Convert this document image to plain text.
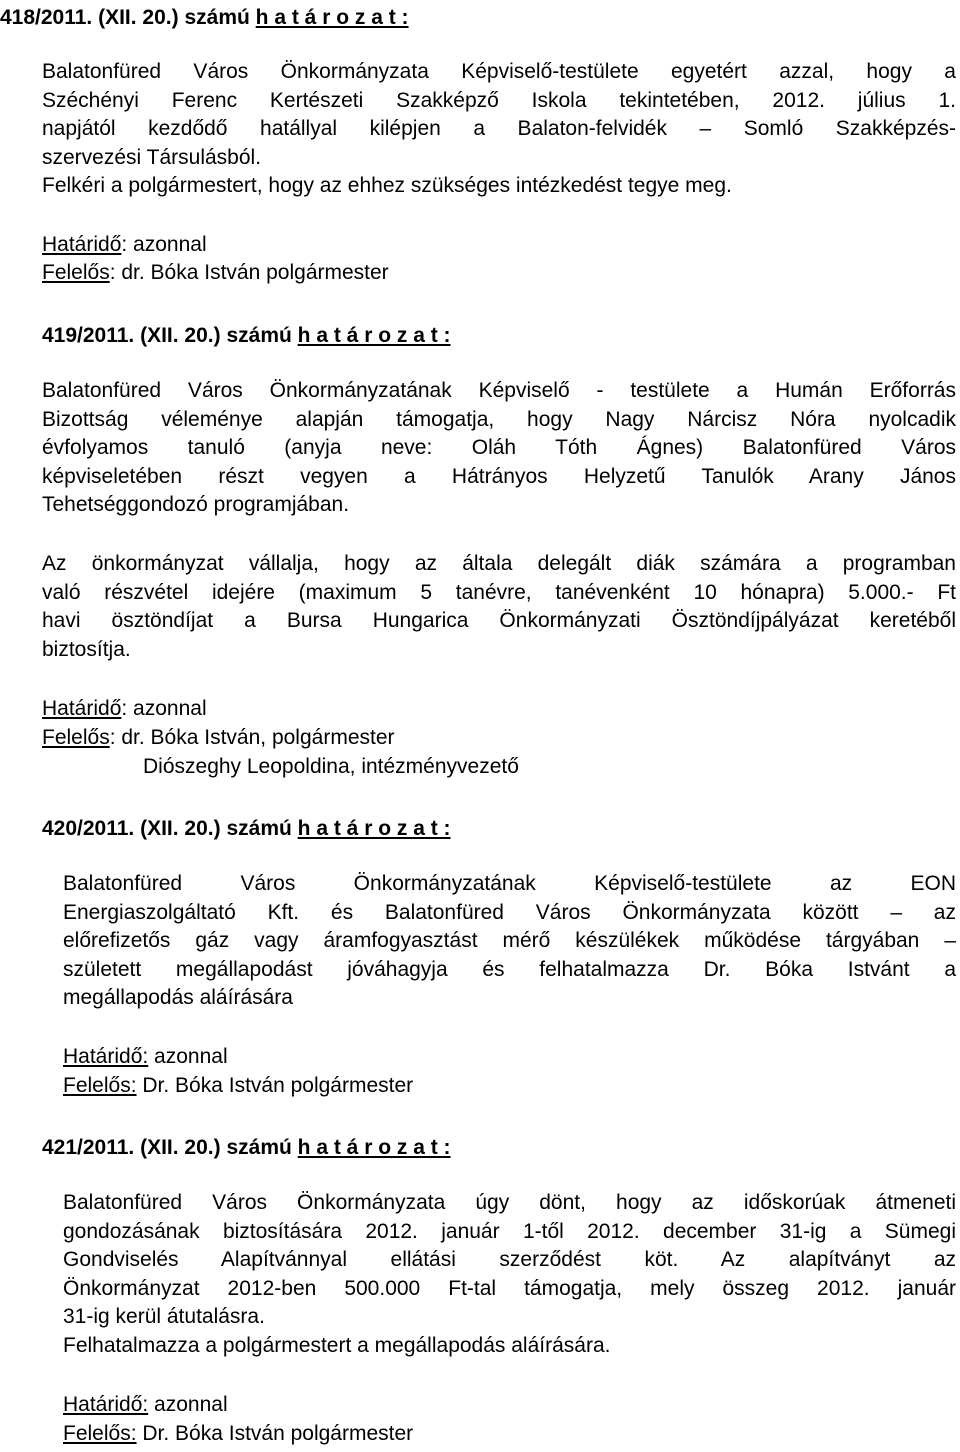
418/2011. (XII. 20.) számú h a t á r o z a t :
Balatonfüred Város Önkormányzata Képviselő-testülete egyetért azzal, hogy a
Széchényi Ferenc Kertészeti Szakképző Iskola tekintetében, 2012. július 1.
napjától kezdődő hatállyal kilépjen a Balaton-felvidék – Somló Szakképzés-
szervezési Társulásból.
Felkéri a polgármestert, hogy az ehhez szükséges intézkedést tegye meg.
Határidő: azonnal
Felelős: dr. Bóka István polgármester
419/2011. (XII. 20.) számú h a t á r o z a t :
Balatonfüred Város Önkormányzatának Képviselő - testülete a Humán Erőforrás
Bizottság véleménye alapján támogatja, hogy Nagy Nárcisz Nóra nyolcadik
évfolyamos tanuló (anyja neve: Oláh Tóth Ágnes) Balatonfüred Város
képviseletében részt vegyen a Hátrányos Helyzetű Tanulók Arany János
Tehetséggondozó programjában.
Az önkormányzat vállalja, hogy az általa delegált diák számára a programban
való részvétel idejére (maximum 5 tanévre, tanévenként 10 hónapra) 5.000.- Ft
havi ösztöndíjat a Bursa Hungarica Önkormányzati Ösztöndíjpályázat keretéből
biztosítja.
Határidő: azonnal
Felelős: dr. Bóka István, polgármester
Diószeghy Leopoldina, intézményvezető
420/2011. (XII. 20.) számú h a t á r o z a t :
Balatonfüred Város Önkormányzatának Képviselő-testülete az EON
Energiaszolgáltató Kft. és Balatonfüred Város Önkormányzata között – az
előrefizetős gáz vagy áramfogyasztást mérő készülékek működése tárgyában –
született megállapodást jóváhagyja és felhatalmazza Dr. Bóka Istvánt a
megállapodás aláírására
Határidő: azonnal
Felelős: Dr. Bóka István polgármester
421/2011. (XII. 20.) számú h a t á r o z a t :
Balatonfüred Város Önkormányzata úgy dönt, hogy az időskorúak átmeneti
gondozásának biztosítására 2012. január 1-től 2012. december 31-ig a Sümegi
Gondviselés Alapítvánnyal ellátási szerződést köt. Az alapítványt az
Önkormányzat 2012-ben 500.000 Ft-tal támogatja, mely összeg 2012. január
31-ig kerül átutalásra.
Felhatalmazza a polgármestert a megállapodás aláírására.
Határidő: azonnal
Felelős: Dr. Bóka István polgármester
